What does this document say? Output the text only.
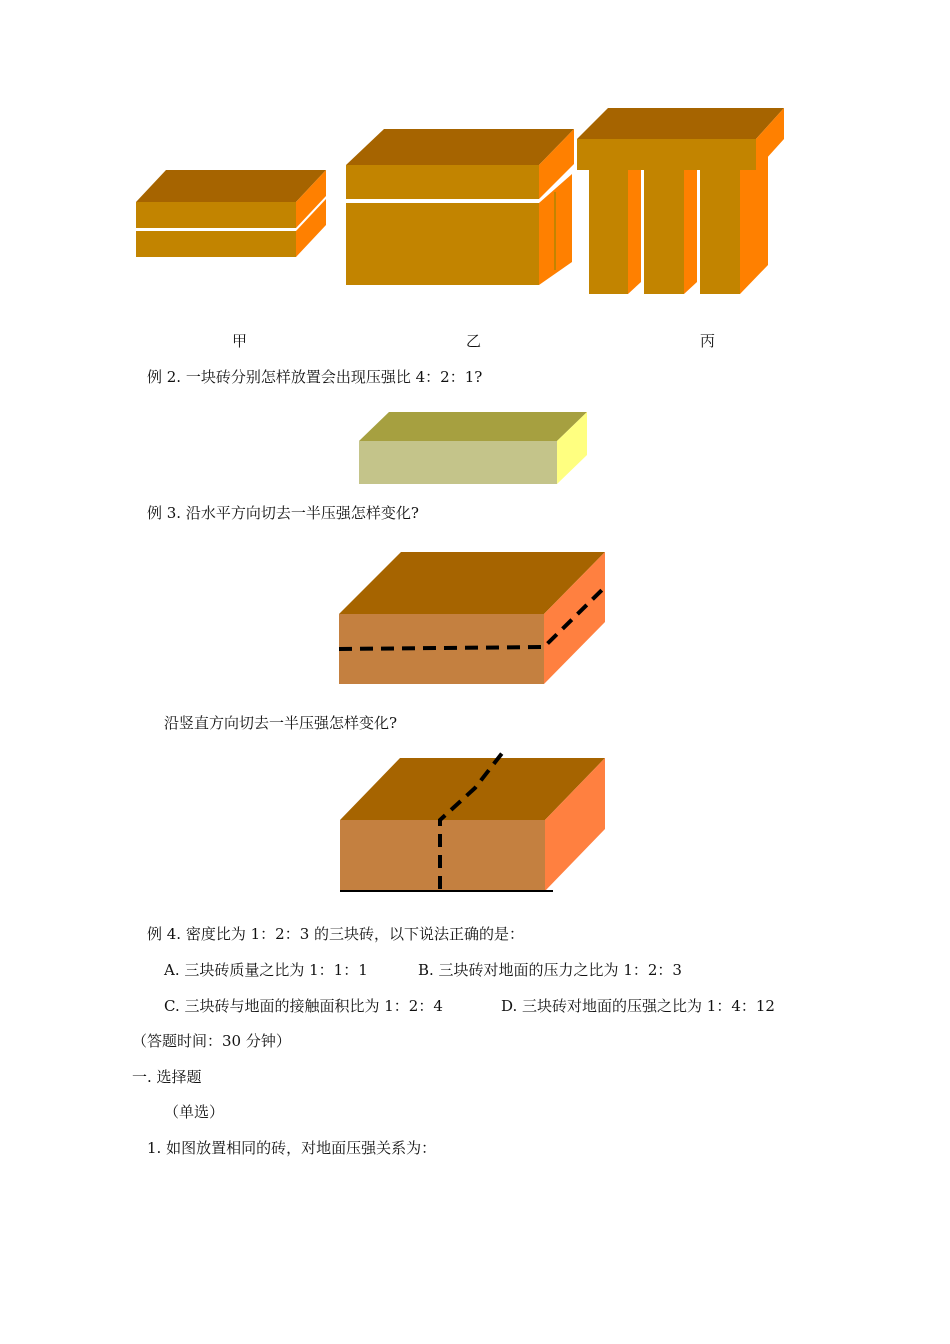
甲	乙	丙
例 2. 一块砖分别怎样放置会出现压强比 4：2：1?
例 3. 沿水平方向切去一半压强怎样变化?
沿竖直方向切去一半压强怎样变化?
例 4. 密度比为 1：2：3 的三块砖，以下说法正确的是：
A. 三块砖质量之比为 1：1：1	B. 三块砖对地面的压力之比为 1：2：3
C. 三块砖与地面的接触面积比为 1：2：4	D. 三块砖对地面的压强之比为 1：4：12
（答题时间：30 分钟）
一. 选择题
（单选）
1. 如图放置相同的砖，对地面压强关系为：
